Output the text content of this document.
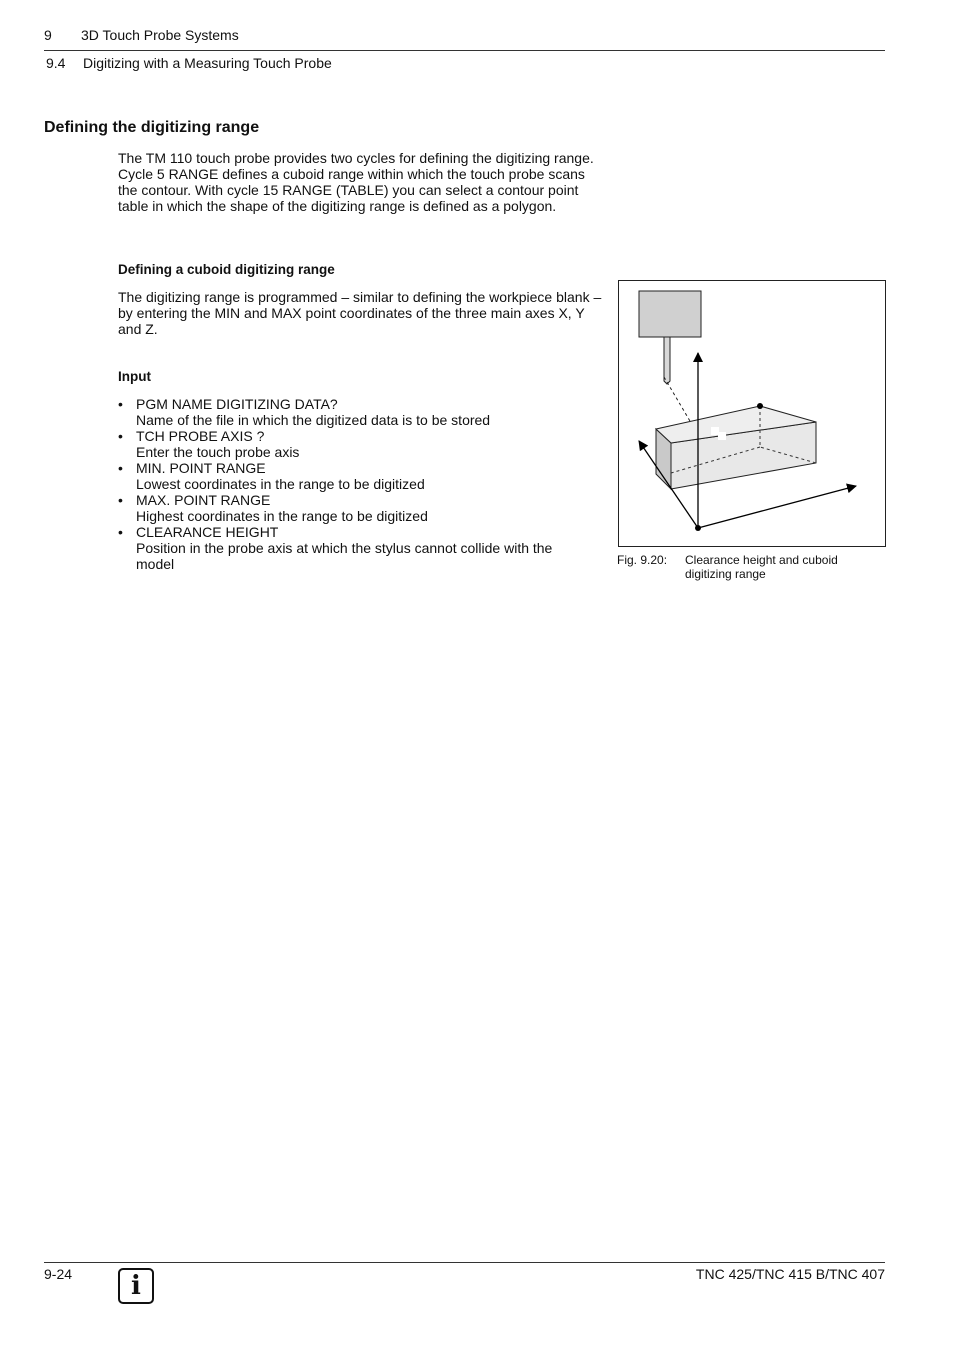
9 3D Touch Probe Systems
9.4 Digitizing with a Measuring Touch Probe
Defining the digitizing range
The TM 110 touch probe provides two cycles for defining the digitizing range. Cycle 5 RANGE defines a cuboid range within which the touch probe scans the contour. With cycle 15 RANGE (TABLE) you can select a contour point table in which the shape of the digitizing range is defined as a polygon.
Defining a cuboid digitizing range
The digitizing range is programmed – similar to defining the workpiece blank – by entering the MIN and MAX point coordinates of the three main axes X, Y and Z.
Input
• PGM NAME DIGITIZING DATA?
Name of the file in which the digitized data is to be stored
• TCH PROBE AXIS ?
Enter the touch probe axis
• MIN. POINT RANGE
Lowest coordinates in the range to be digitized
• MAX. POINT RANGE
Highest coordinates in the range to be digitized
• CLEARANCE HEIGHT
Position in the probe axis at which the stylus cannot collide with the model	Fig. 9.20: Clearance height and cuboid
digitizing range
9-24	i	TNC 425/TNC 415 B/TNC 407
